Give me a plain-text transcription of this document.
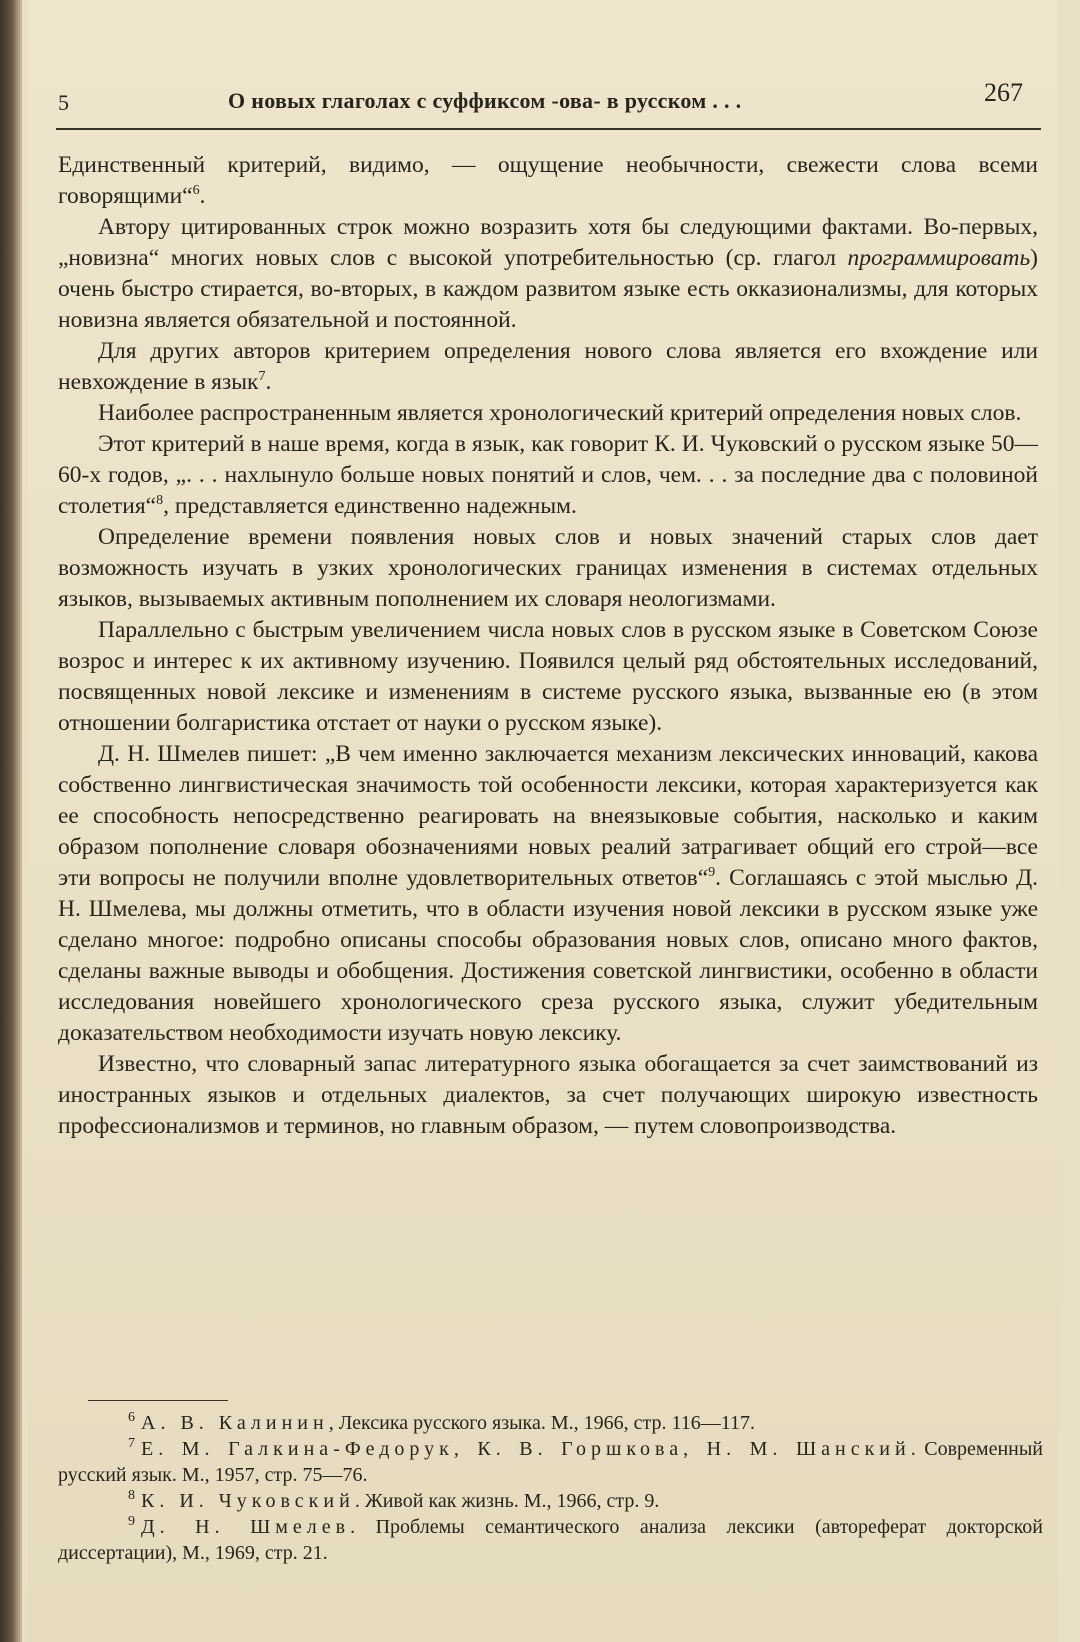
5	О новых глаголах с суффиксом -ова- в русском . . .	267

Единственный критерий, видимо, — ощущение необычности, свежести слова всеми говорящими“$^6$.

Автору цитированных строк можно возразить хотя бы следующими фактами. Во-первых, „новизна“ многих новых слов с высокой употребительностью (ср. глагол программировать) очень быстро стирается, во-вторых, в каждом развитом языке есть окказионализмы, для которых новизна является обязательной и постоянной.

Для других авторов критерием определения нового слова является его вхождение или невхождение в язык$^7$.

Наиболее распространенным является хронологический критерий определения новых слов.

Этот критерий в наше время, когда в язык, как говорит К. И. Чуковский о русском языке 50—60-х годов, „. . . нахлынуло больше новых понятий и слов, чем. . . за последние два с половиной столетия“$^8$, представляется единственно надежным.

Определение времени появления новых слов и новых значений старых слов дает возможность изучать в узких хронологических границах изменения в системах отдельных языков, вызываемых активным пополнением их словаря неологизмами.

Параллельно с быстрым увеличением числа новых слов в русском языке в Советском Союзе возрос и интерес к их активному изучению. Появился целый ряд обстоятельных исследований, посвященных новой лексике и изменениям в системе русского языка, вызванные ею (в этом отношении болгаристика отстает от науки о русском языке).

Д. Н. Шмелев пишет: „В чем именно заключается механизм лексических инноваций, какова собственно лингвистическая значимость той особенности лексики, которая характеризуется как ее способность непосредственно реагировать на внеязыковые события, насколько и каким образом пополнение словаря обозначениями новых реалий затрагивает общий его строй—все эти вопросы не получили вполне удовлетворительных ответов“$^9$. Соглашаясь с этой мыслью Д. Н. Шмелева, мы должны отметить, что в области изучения новой лексики в русском языке уже сделано многое: подробно описаны способы образования новых слов, описано много фактов, сделаны важные выводы и обобщения. Достижения советской лингвистики, особенно в области исследования новейшего хронологического среза русского языка, служит убедительным доказательством необходимости изучать новую лексику.

Известно, что словарный запас литературного языка обогащается за счет заимствований из иностранных языков и отдельных диалектов, за счет получающих широкую известность профессионализмов и терминов, но главным образом, — путем словопроизводства.

$^6$ А. В. Калинин, Лексика русского языка. М., 1966, стр. 116—117.

$^7$ Е. М. Галкина-Федорук, К. В. Горшкова, Н. М. Шанский. Современный русский язык. М., 1957, стр. 75—76.

$^8$ К. И. Чуковский. Живой как жизнь. М., 1966, стр. 9.

$^9$ Д. Н. Шмелев. Проблемы семантического анализа лексики (автореферат докторской диссертации), М., 1969, стр. 21.
